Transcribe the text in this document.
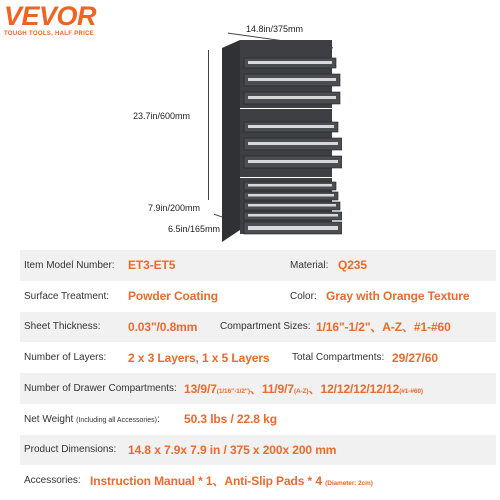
VEVOR
TOUGH TOOLS, HALF PRICE	14.8in/375mm
23.7in/600mm
7.9in/200mm
6.5in/165mm
Item Model Number: ET3-ET5	Material: Q235
Surface Treatment: Powder Coating	Color: Gray with Orange Texture
Sheet Thickness: 0.03"/0.8mm Compartment Sizes: 1/16"-1/2"、A-Z、#1-#60
Number of Layers: 2 x 3 Layers, 1 x 5 Layers Total Compartments: 29/27/60
Number of Drawer Compartments: 13/9/7(1/16"-1/2")、11/9/7(A-Z)、12/12/12/12/12(#1-#60)
Net Weight (Including all Accessories): 50.3 lbs / 22.8 kg
Product Dimensions: 14.8 x 7.9x 7.9 in / 375 x 200x 200 mm
Accessories: Instruction Manual * 1、Anti-Slip Pads * 4 (Diameter: 2cm)
